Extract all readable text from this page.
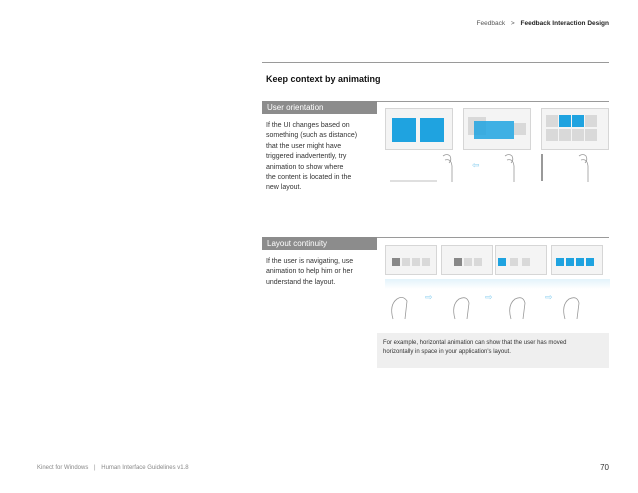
Feedback > Feedback Interaction Design
Keep context by animating
User orientation
If the UI changes based on
something (such as distance)
that the user might have
triggered inadvertently, try
animation to show where
the content is located in the
new layout.
⇦
Layout continuity
If the user is navigating, use
animation to help him or her
understand the layout.
⇨	⇨	⇨
For example, horizontal animation can show that the user has moved
horizontally in space in your application's layout.
Kinect for Windows | Human Interface Guidelines v1.8	70
